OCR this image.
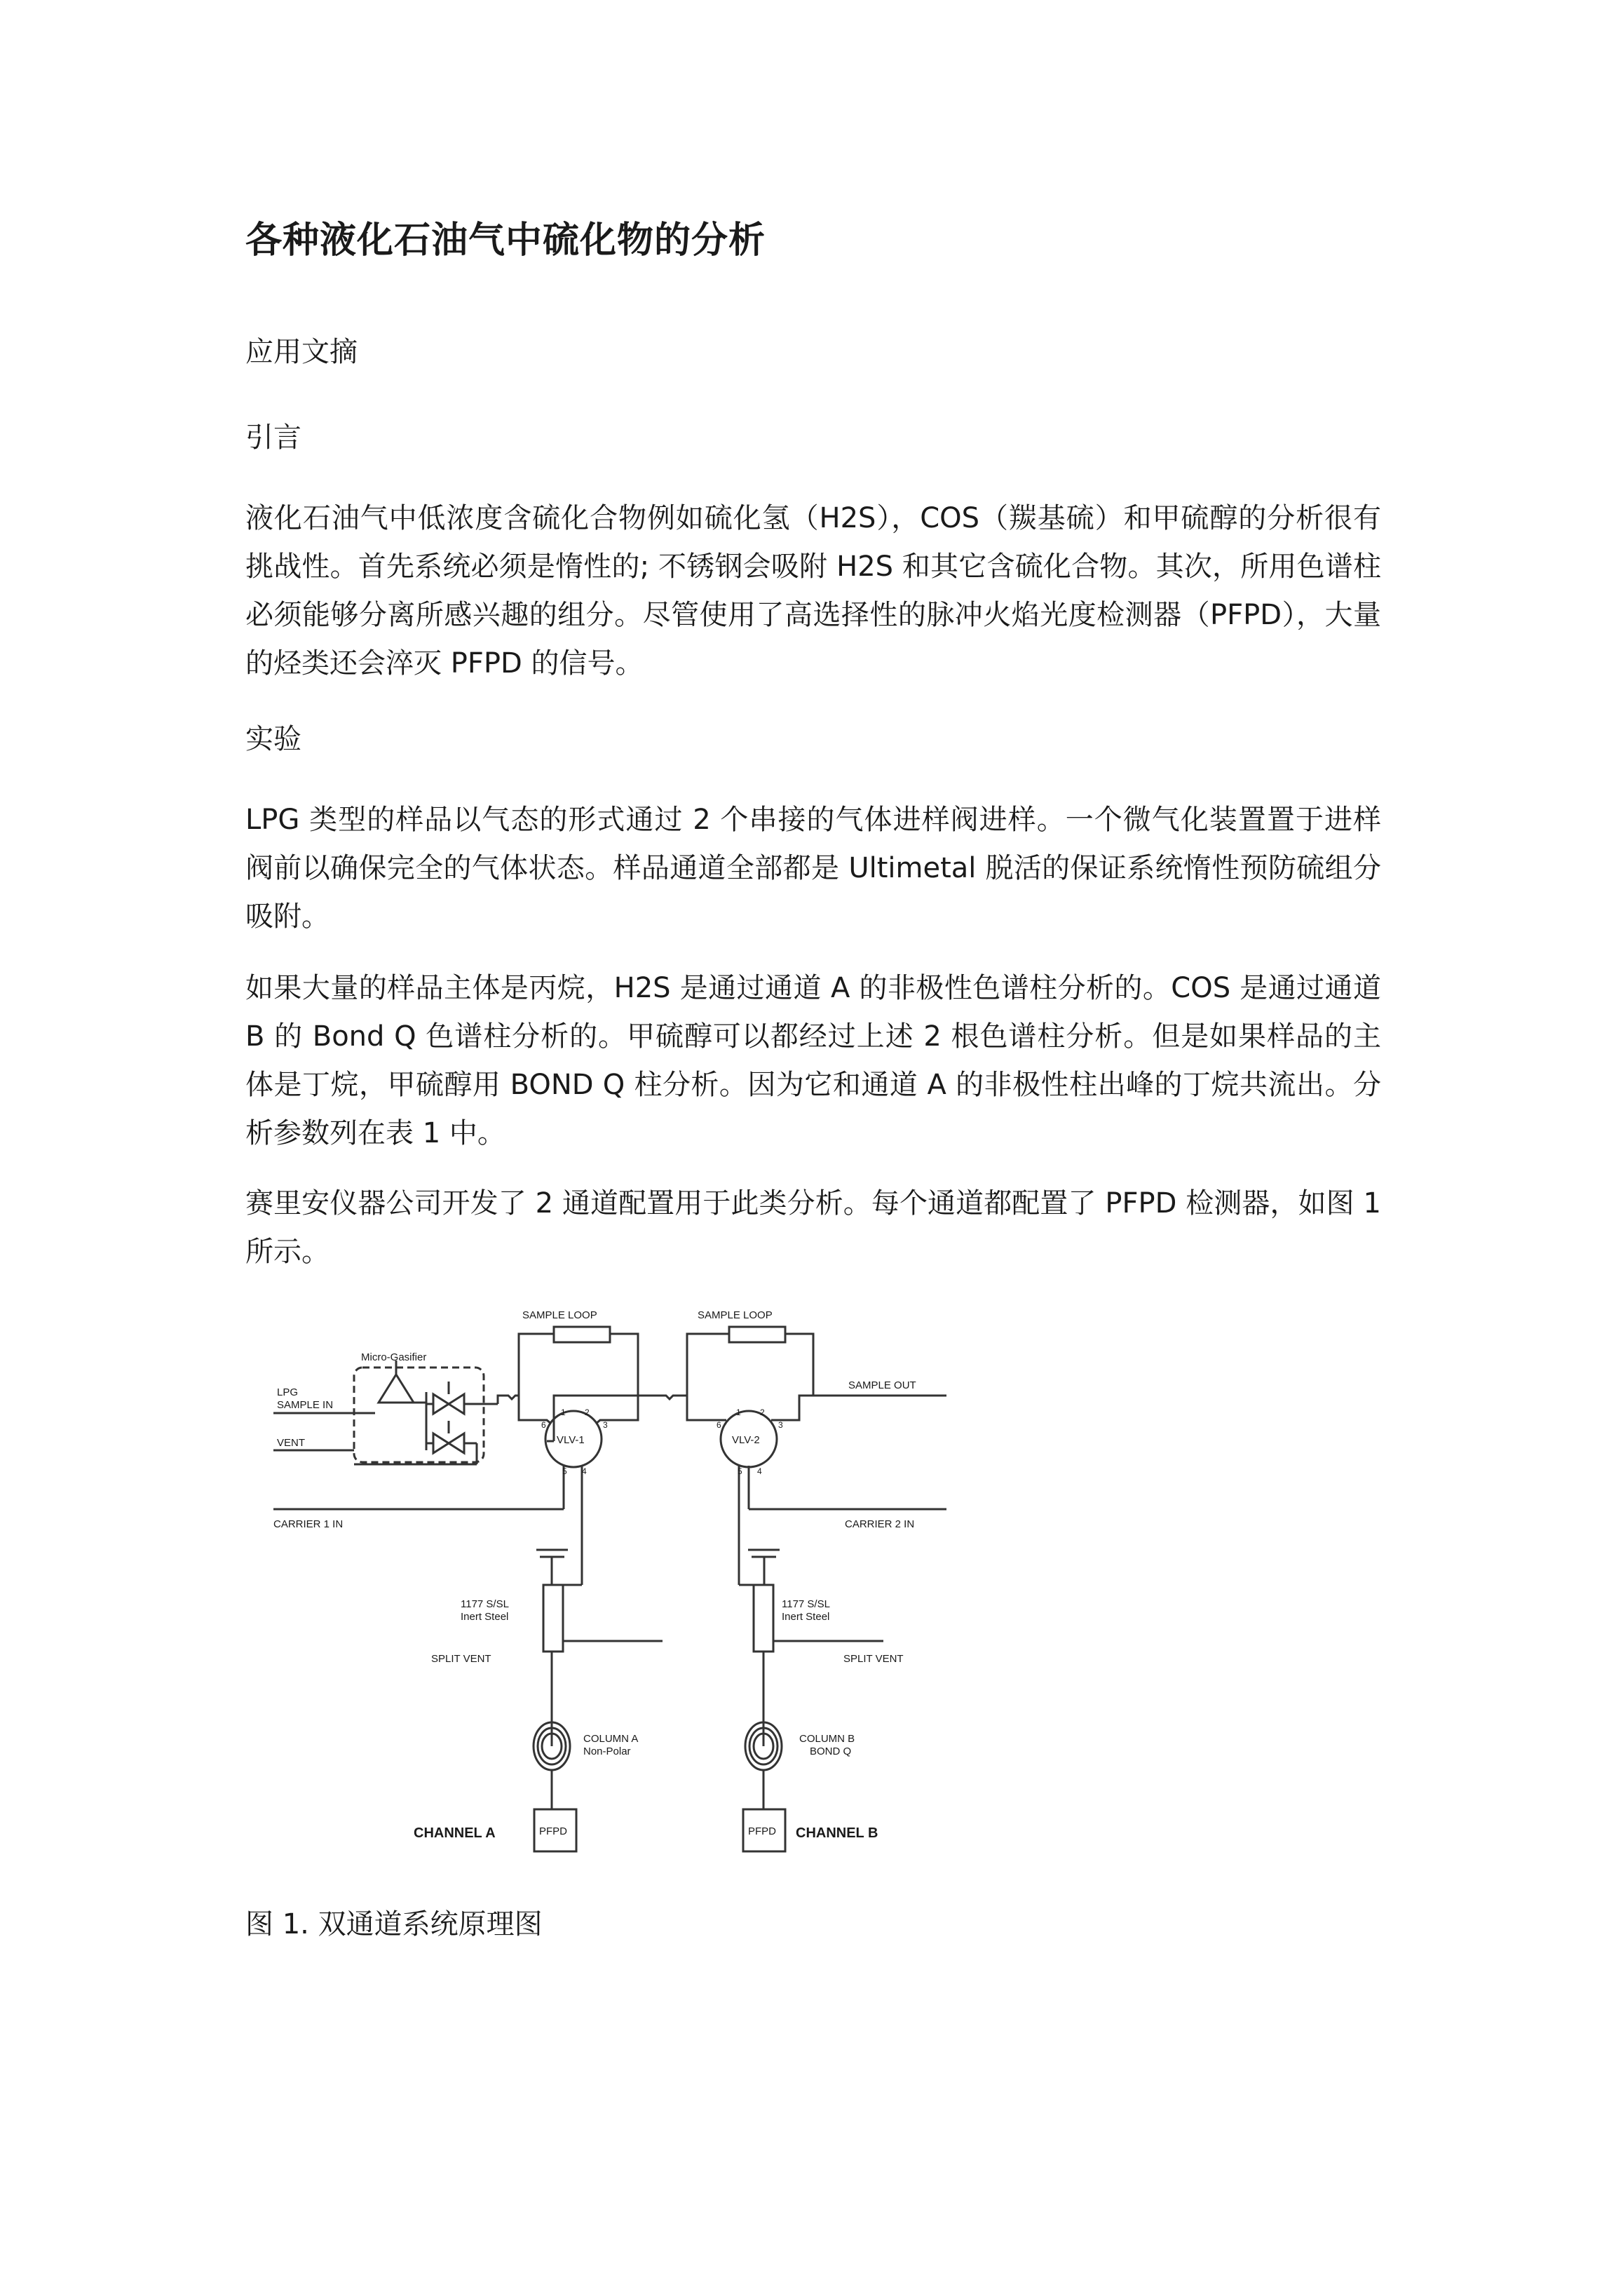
各种液化石油气中硫化物的分析

应用文摘

引言

液化石油气中低浓度含硫化合物例如硫化氢（H2S），COS（羰基硫）和甲硫醇的分析很有挑战性。首先系统必须是惰性的; 不锈钢会吸附 H2S 和其它含硫化合物。其次，所用色谱柱必须能够分离所感兴趣的组分。尽管使用了高选择性的脉冲火焰光度检测器（PFPD），大量的烃类还会淬灭 PFPD 的信号。

实验

LPG 类型的样品以气态的形式通过 2 个串接的气体进样阀进样。一个微气化装置置于进样阀前以确保完全的气体状态。样品通道全部都是 Ultimetal 脱活的保证系统惰性预防硫组分吸附。

如果大量的样品主体是丙烷，H2S 是通过通道 A 的非极性色谱柱分析的。COS 是通过通道 B 的 Bond Q 色谱柱分析的。甲硫醇可以都经过上述 2 根色谱柱分析。但是如果样品的主体是丁烷，甲硫醇用 BOND Q 柱分析。因为它和通道 A 的非极性柱出峰的丁烷共流出。分析参数列在表 1 中。

赛里安仪器公司开发了 2 通道配置用于此类分析。每个通道都配置了 PFPD 检测器，如图 1 所示。

Micro-Gasifier
LPG
SAMPLE IN
VENT
CARRIER 1 IN	CARRIER 2 IN
SAMPLE LOOP	SAMPLE LOOP
SAMPLE OUT
VLV-1	VLV-2
1177 S/SL
Inert Steel
1177 S/SL
Inert Steel
SPLIT VENT	SPLIT VENT
COLUMN A
Non-Polar
COLUMN B
BOND Q
PFPD	PFPD
6
1 2
3
5 4
6
1 2
3
5 4
CHANNEL A	CHANNEL B

图 1. 双通道系统原理图
